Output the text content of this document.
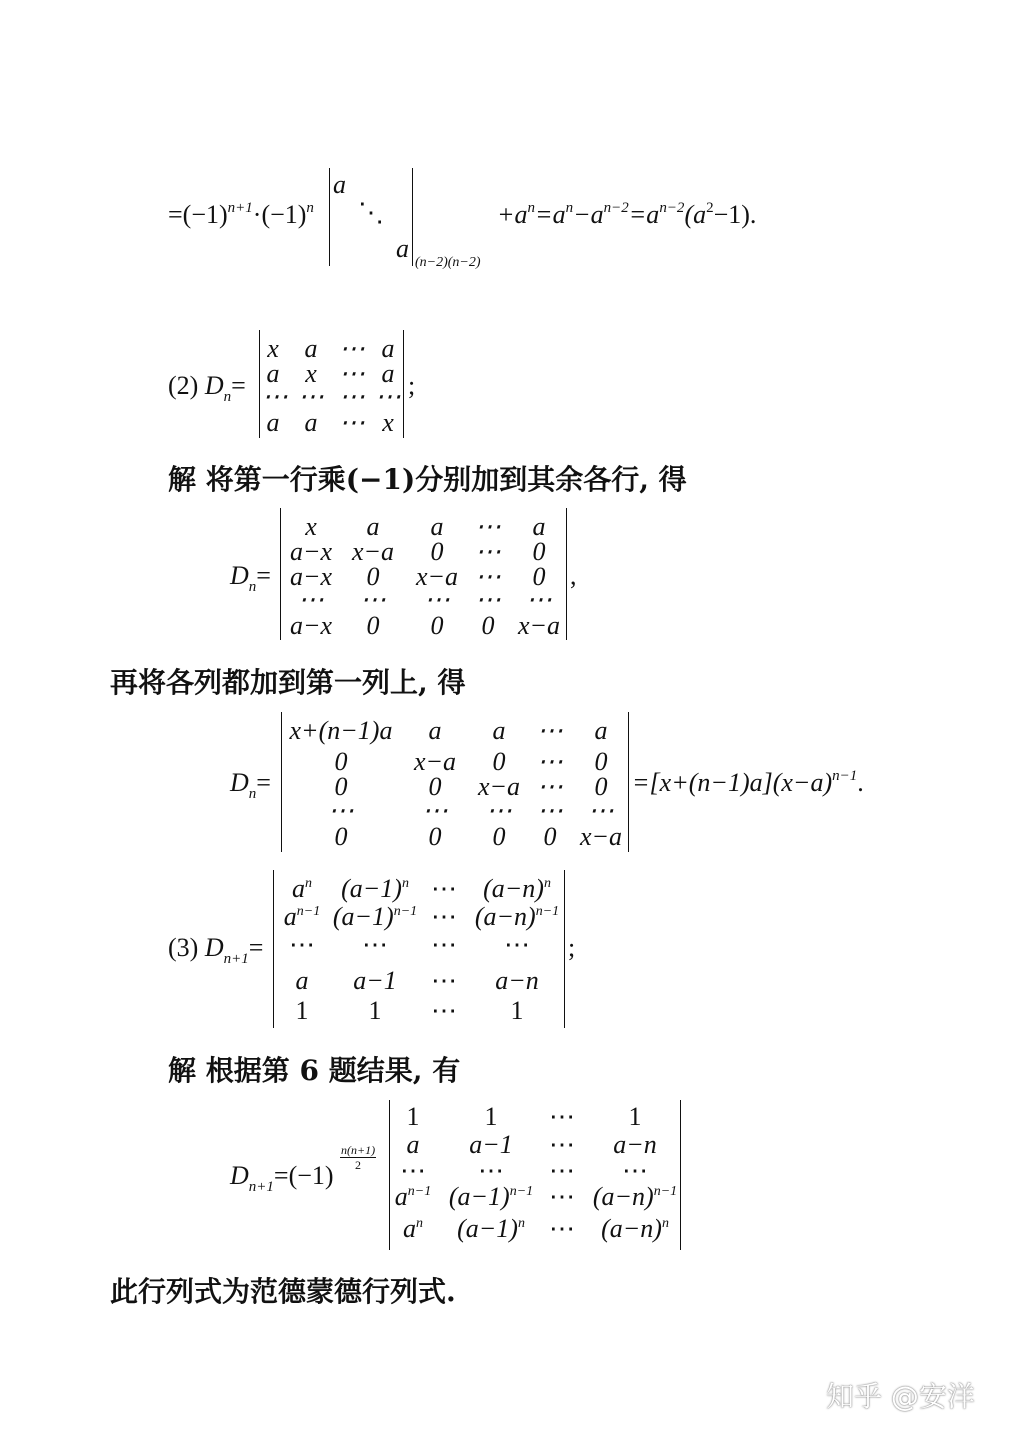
$=(-1)^{n+1}\cdot(-1)^n$
a
⋱
a (n−2)(n−2)
$+a^n=a^n-a^{n-2}=a^{n-2}(a^2-1)$.
(2) $D_n=$
x a ⋯ a
a x ⋯ a
⋯ ⋯ ⋯ ⋯
a a ⋯ x
;
解 将第一行乘(−1)分别加到其余各行, 得
$D_n=$
x	a	a	⋯	a
a−x x−a	0	⋯	0
a−x	0	x−a ⋯	0
⋯	⋯	⋯ ⋯ ⋯
a−x	0	0	0 x−a
,
再将各列都加到第一列上, 得
$D_n=$
x+(n−1)a	a	a	⋯	a
0	x−a	0	⋯	0
0	0	x−a ⋯	0
⋯	⋯	⋯ ⋯ ⋯
0	0	0	0 x−a
$=[x+(n-1)a](x-a)^{n-1}$.
(3) $D_{n+1}=$
$a^n$	$(a-1)^n$ ⋯	$(a-n)^n$
$a^{n-1}$ $(a-1)^{n-1}$ ⋯ $(a-n)^{n-1}$
⋯	⋯	⋯	⋯
a	a−1	⋯	a−n
1	1	⋯	1
;
解 根据第 6 题结果, 有
$D_{n+1}=(-1)$
$\frac{n(n+1)}{2}$
1	1	⋯	1
a	a−1	⋯	a−n
⋯	⋯	⋯	⋯
$a^{n-1}$ $(a-1)^{n-1}$ ⋯ $(a-n)^{n-1}$
$a^n$	$(a-1)^n$ ⋯	$(a-n)^n$
此行列式为范德蒙德行列式.
知乎 @安洋
